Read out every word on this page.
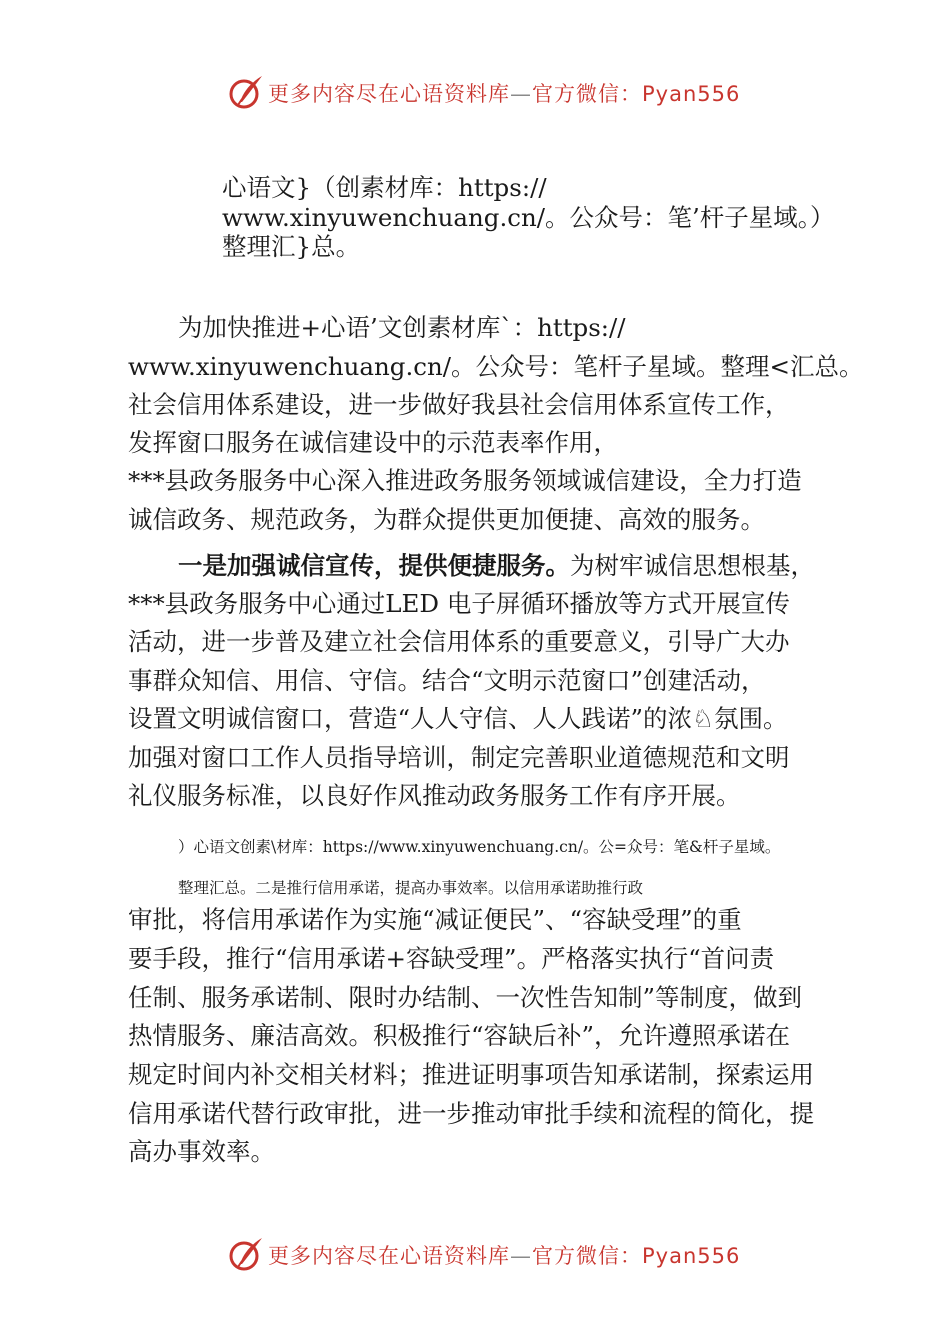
更多内容尽在心语资料库—官方微信：Pyan556
心语文}（创素材库：https://
www.xinyuwenchuang.cn/。公众号：笔’杆子星域。）
整理汇}总。
为加快推进+心语’文创素材库`：https://
www.xinyuwenchuang.cn/。公众号：笔杆子星域。整理<汇总。
社会信用体系建设，进一步做好我县社会信用体系宣传工作，
发挥窗口服务在诚信建设中的示范表率作用，
***县政务服务中心深入推进政务服务领域诚信建设，全力打造
诚信政务、规范政务，为群众提供更加便捷、高效的服务。
一是加强诚信宣传，提供便捷服务。为树牢诚信思想根基，
***县政务服务中心通过LED 电子屏循环播放等方式开展宣传
活动，进一步普及建立社会信用体系的重要意义，引导广大办
事群众知信、用信、守信。结合“文明示范窗口”创建活动，
设置文明诚信窗口，营造“人人守信、人人践诺”的浓♘氛围。
加强对窗口工作人员指导培训，制定完善职业道德规范和文明
礼仪服务标准，以良好作风推动政务服务工作有序开展。
）心语文创素\材库：https://www.xinyuwenchuang.cn/。公=众号：笔&杆子星域。
整理汇总。二是推行信用承诺，提高办事效率。以信用承诺助推行政
审批，将信用承诺作为实施“减证便民”、“容缺受理”的重
要手段，推行“信用承诺+容缺受理”。严格落实执行“首问责
任制、服务承诺制、限时办结制、一次性告知制”等制度，做到
热情服务、廉洁高效。积极推行“容缺后补”，允许遵照承诺在
规定时间内补交相关材料；推进证明事项告知承诺制，探索运用
信用承诺代替行政审批，进一步推动审批手续和流程的简化，提
高办事效率。
更多内容尽在心语资料库—官方微信：Pyan556
